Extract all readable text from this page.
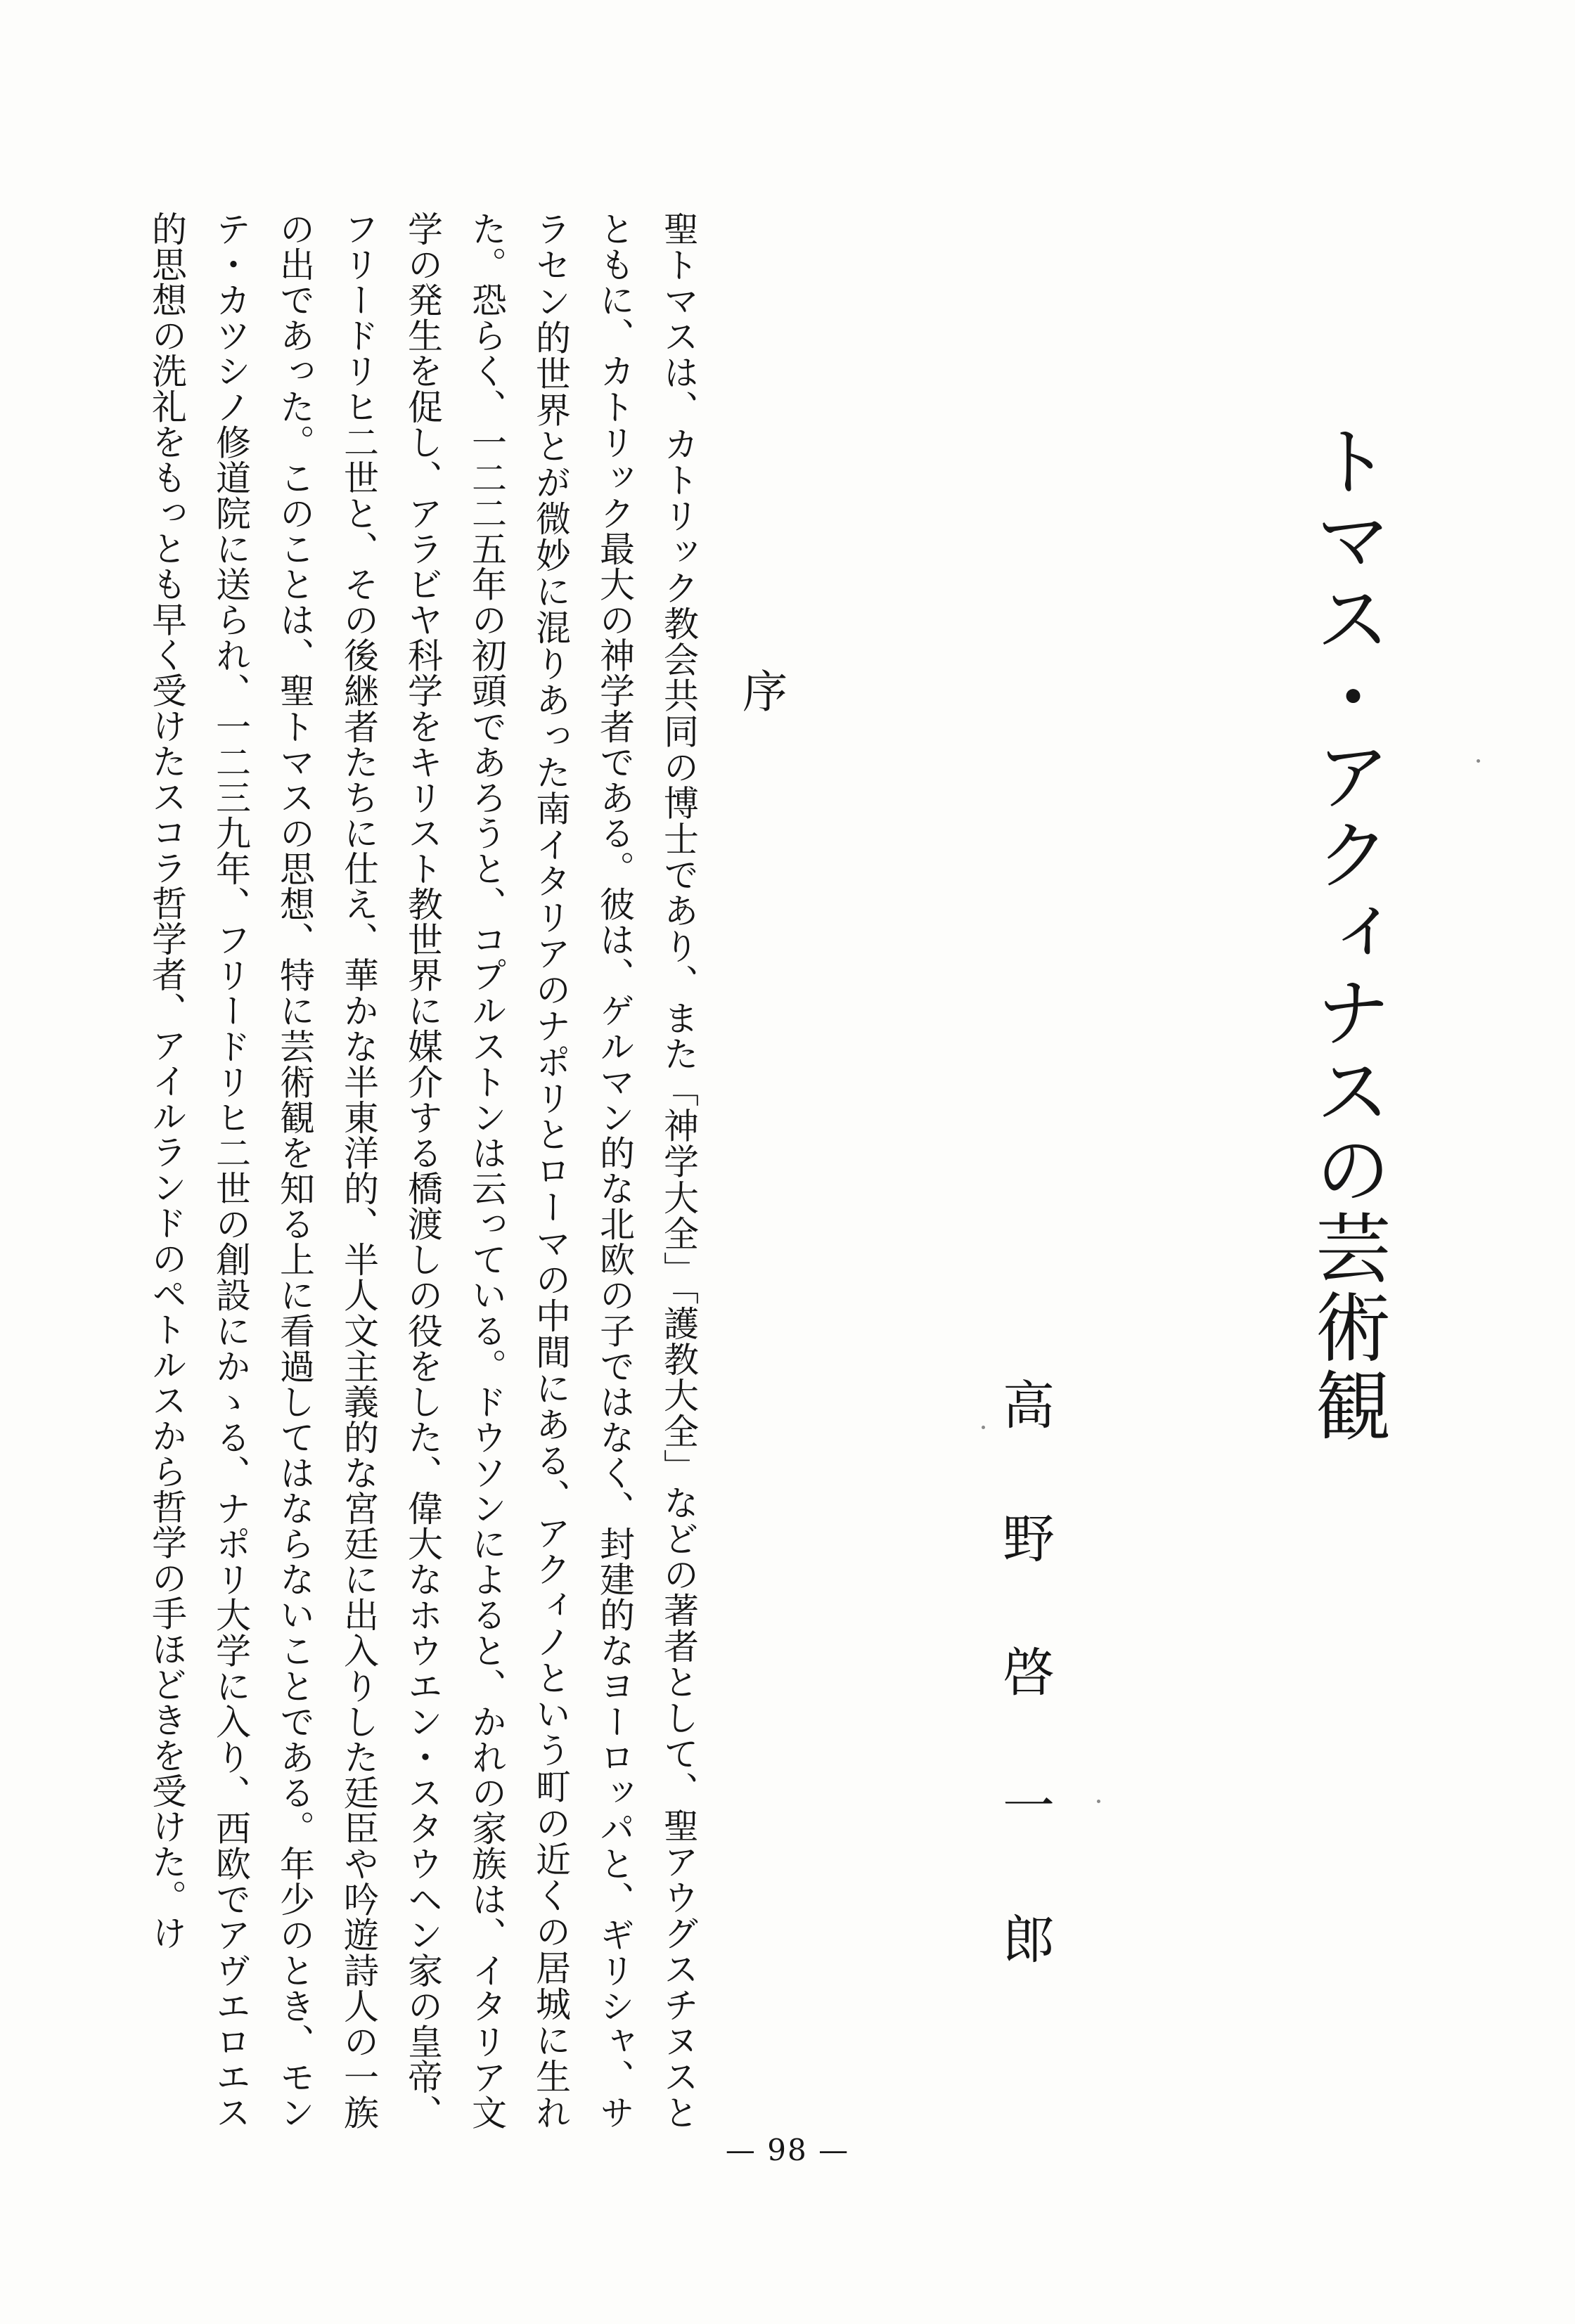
トマス・アクィナスの芸術観
高野啓一郎
序
聖トマスは、カトリック教会共同の博士であり、また「神学大全」「護教大全」などの著者として、聖アウグスチヌスとともに、カトリック最大の神学者である。彼は、ゲルマン的な北欧の子ではなく、封建的なヨーロッパと、ギリシャ、サラセン的世界とが微妙に混りあった南イタリアのナポリとローマの中間にある、アクィノという町の近くの居城に生れた。恐らく、一二二五年の初頭であろうと、コプルストンは云っている。ドウソンによると、かれの家族は、イタリア文学の発生を促し、アラビヤ科学をキリスト教世界に媒介する橋渡しの役をした、偉大なホウエン・スタウヘン家の皇帝、フリードリヒ二世と、その後継者たちに仕え、華かな半東洋的、半人文主義的な宮廷に出入りした廷臣や吟遊詩人の一族の出であった。このことは、聖トマスの思想、特に芸術観を知る上に看過してはならないことである。年少のとき、モンテ・カツシノ修道院に送られ、一二三九年、フリードリヒ二世の創設にかゝる、ナポリ大学に入り、西欧でアヴエロエス的思想の洗礼をもっとも早く受けたスコラ哲学者、アイルランドのペトルスから哲学の手ほどきを受けた。け
— 98 —
